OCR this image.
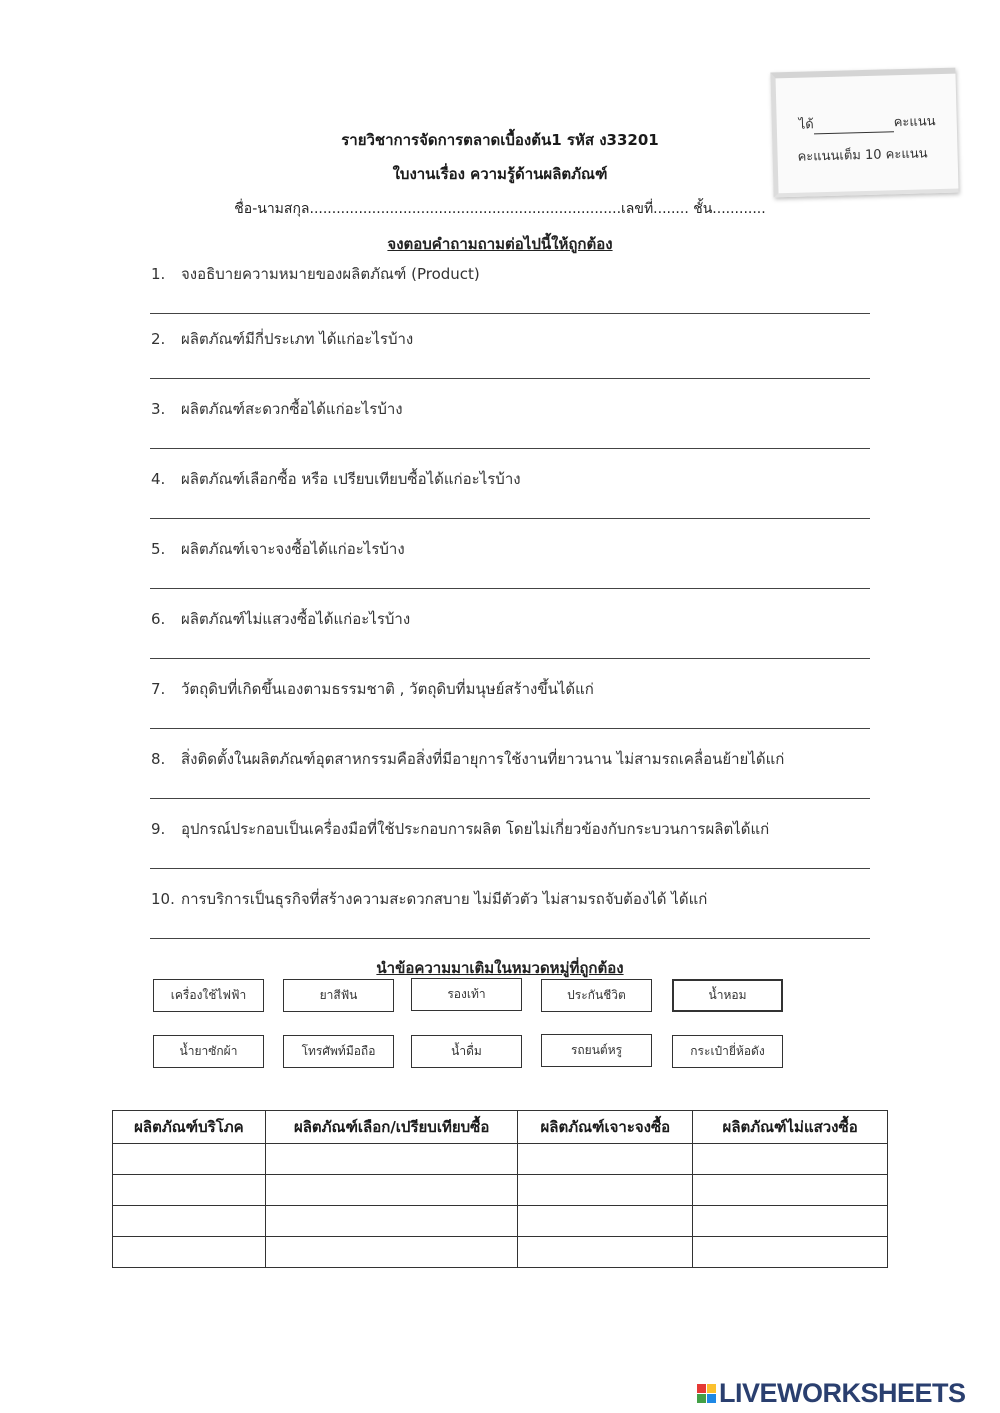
ได้	คะแนน
คะแนนเต็ม 10 คะแนน
รายวิชาการจัดการตลาดเบื้องต้น1 รหัส ง33201
ใบงานเรื่อง ความรู้ด้านผลิตภัณฑ์
ชื่อ-นามสกุล......................................................................เลขที่........ ชั้น............
จงตอบคำถามถามต่อไปนี้ให้ถูกต้อง
1. จงอธิบายความหมายของผลิตภัณฑ์ (Product)
2. ผลิตภัณฑ์มีกี่ประเภท ได้แก่อะไรบ้าง
3. ผลิตภัณฑ์สะดวกซื้อได้แก่อะไรบ้าง
4. ผลิตภัณฑ์เลือกซื้อ หรือ เปรียบเทียบซื้อได้แก่อะไรบ้าง
5. ผลิตภัณฑ์เจาะจงซื้อได้แก่อะไรบ้าง
6. ผลิตภัณฑ์ไม่แสวงซื้อได้แก่อะไรบ้าง
7. วัตถุดิบที่เกิดขึ้นเองตามธรรมชาติ , วัตถุดิบที่มนุษย์สร้างขึ้นได้แก่
8. สิ่งติดตั้งในผลิตภัณฑ์อุตสาหกรรมคือสิ่งที่มีอายุการใช้งานที่ยาวนาน ไม่สามรถเคลื่อนย้ายได้แก่
9. อุปกรณ์ประกอบเป็นเครื่องมือที่ใช้ประกอบการผลิต โดยไม่เกี่ยวข้องกับกระบวนการผลิตได้แก่
10. การบริการเป็นธุรกิจที่สร้างความสะดวกสบาย ไม่มีตัวตัว ไม่สามรถจับต้องได้ ได้แก่
นำข้อความมาเติมในหมวดหมู่ที่ถูกต้อง
เครื่องใช้ไฟฟ้า	ยาสีฟัน	รองเท้า	ประกันชีวิต	น้ำหอม
น้ำยาซักผ้า	โทรศัพท์มือถือ	น้ำดื่ม	รถยนต์หรู	กระเป๋ายี่ห้อดัง
ผลิตภัณฑ์บริโภค	ผลิตภัณฑ์เลือก/เปรียบเทียบซื้อ	ผลิตภัณฑ์เจาะจงซื้อ	ผลิตภัณฑ์ไม่แสวงซื้อ

LIVEWORKSHEETS
